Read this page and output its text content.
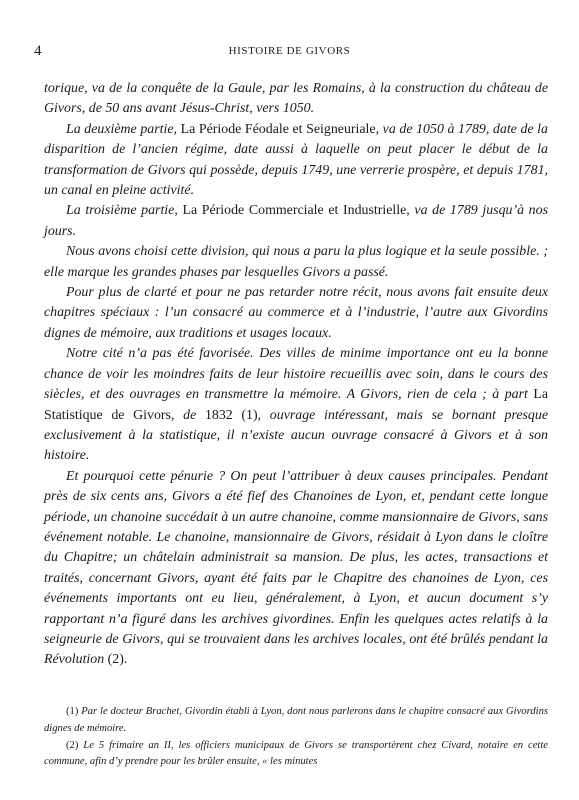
4	HISTOIRE DE GIVORS

torique, va de la conquête de la Gaule, par les Romains, à la construction du château de Givors, de 50 ans avant Jésus-Christ, vers 1050.

La deuxième partie, La Période Féodale et Seigneuriale, va de 1050 à 1789, date de la disparition de l’ancien régime, date aussi à laquelle on peut placer le début de la transformation de Givors qui possède, depuis 1749, une verrerie prospère, et depuis 1781, un canal en pleine activité.

La troisième partie, La Période Commerciale et Industrielle, va de 1789 jusqu’à nos jours.

Nous avons choisi cette division, qui nous a paru la plus logique et la seule possible. ; elle marque les grandes phases par lesquelles Givors a passé.

Pour plus de clarté et pour ne pas retarder notre récit, nous avons fait ensuite deux chapitres spéciaux : l’un consacré au commerce et à l’industrie, l’autre aux Givordins dignes de mémoire, aux traditions et usages locaux.

Notre cité n’a pas été favorisée. Des villes de minime importance ont eu la bonne chance de voir les moindres faits de leur histoire recueillis avec soin, dans le cours des siècles, et des ouvrages en transmettre la mémoire. A Givors, rien de cela ; à part La Statistique de Givors, de 1832 (1), ouvrage intéressant, mais se bornant presque exclusivement à la statistique, il n’existe aucun ouvrage consacré à Givors et à son histoire.

Et pourquoi cette pénurie ? On peut l’attribuer à deux causes principales. Pendant près de six cents ans, Givors a été fief des Chanoines de Lyon, et, pendant cette longue période, un chanoine succédait à un autre chanoine, comme mansionnaire de Givors, sans événement notable. Le chanoine, mansionnaire de Givors, résidait à Lyon dans le cloître du Chapitre; un châtelain administrait sa mansion. De plus, les actes, transactions et traités, concernant Givors, ayant été faits par le Chapitre des chanoines de Lyon, ces événements importants ont eu lieu, généralement, à Lyon, et aucun document s’y rapportant n’a figuré dans les archives givordines. Enfin les quelques actes relatifs à la seigneurie de Givors, qui se trouvaient dans les archives locales, ont été brûlés pendant la Révolution (2).

(1) Par le docteur Brachet, Givordin établi à Lyon, dont nous parlerons dans le chapitre consacré aux Givordins dignes de mémoire.

(2) Le 5 frimaire an II, les officiers municipaux de Givors se transportèrent chez Civard, notaire en cette commune, afin d’y prendre pour les brûler ensuite, « les minutes
